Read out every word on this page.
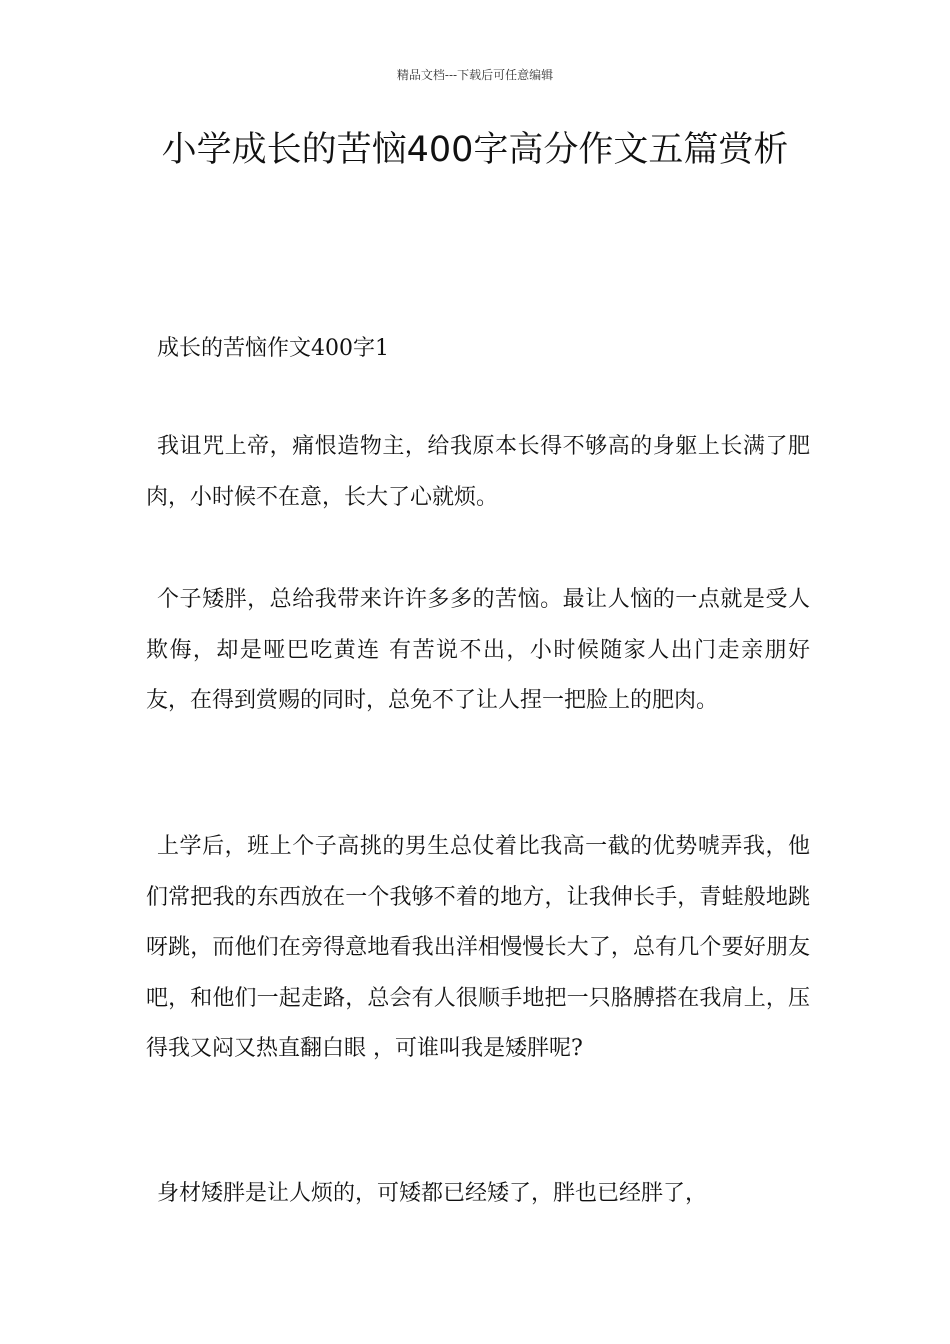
精品文档---下载后可任意编辑
小学成长的苦恼400字高分作文五篇赏析

成长的苦恼作文400字1

我诅咒上帝，痛恨造物主，给我原本长得不够高的身躯上长满了肥肉，小时候不在意，长大了心就烦。

个子矮胖，总给我带来许许多多的苦恼。最让人恼的一点就是受人欺侮，却是哑巴吃黄连 有苦说不出，小时候随家人出门走亲朋好友，在得到赏赐的同时，总免不了让人捏一把脸上的肥肉。

上学后，班上个子高挑的男生总仗着比我高一截的优势唬弄我，他们常把我的东西放在一个我够不着的地方，让我伸长手，青蛙般地跳呀跳，而他们在旁得意地看我出洋相慢慢长大了，总有几个要好朋友吧，和他们一起走路，总会有人很顺手地把一只胳膊搭在我肩上，压得我又闷又热直翻白眼 ，可谁叫我是矮胖呢?

身材矮胖是让人烦的，可矮都已经矮了，胖也已经胖了，
